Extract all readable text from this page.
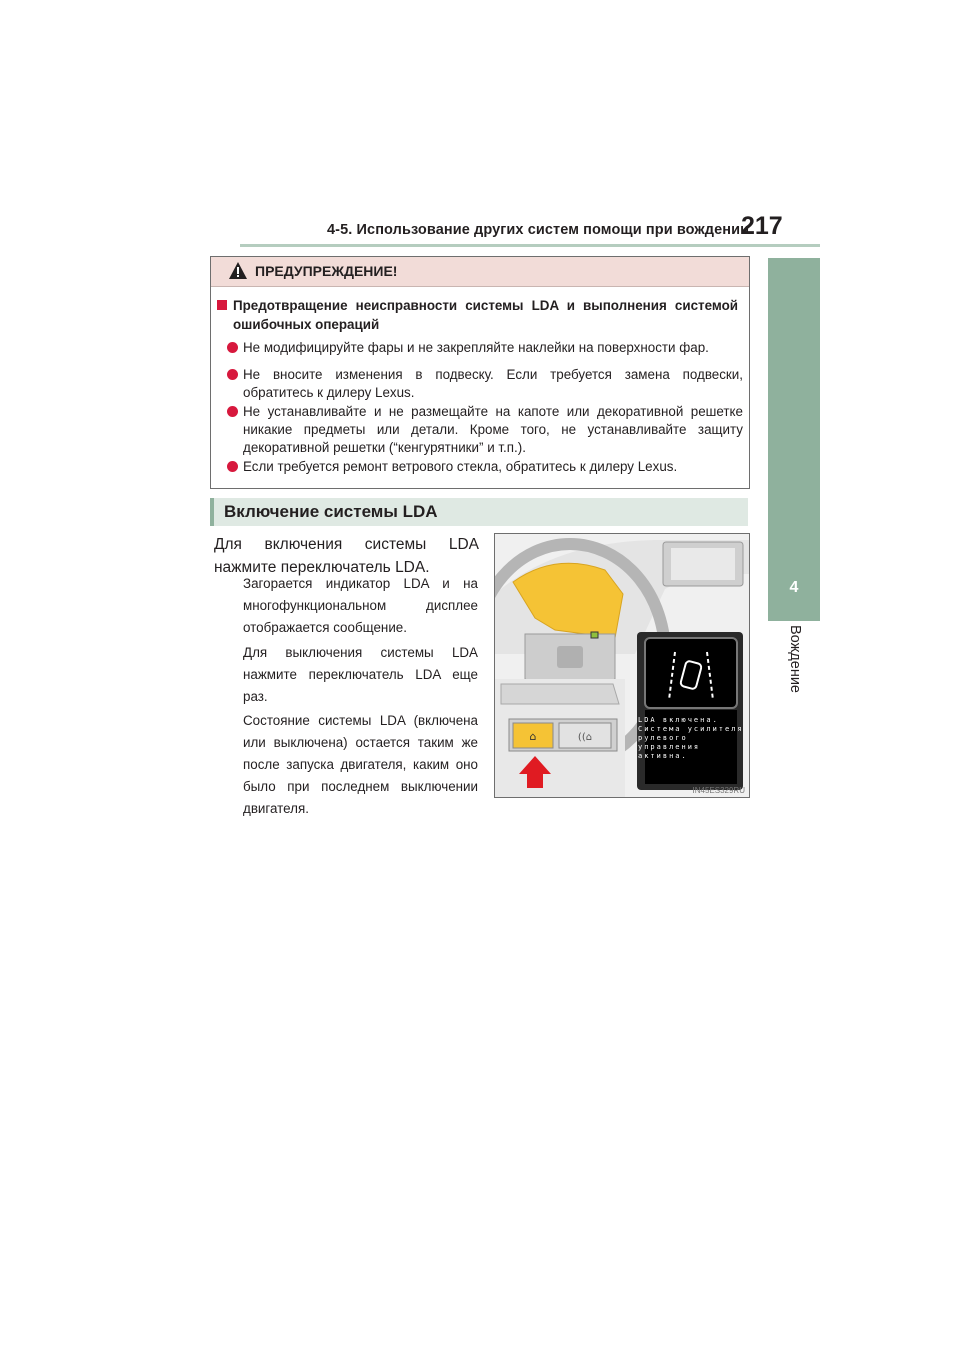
4-5. Использование других систем помощи при вождении
217
4
Вождение
ПРЕДУПРЕЖДЕНИЕ!
Предотвращение неисправности системы LDA и выполнения системой
ошибочных операций
Не модифицируйте фары и не закрепляйте наклейки на поверхности фар.
Не вносите изменения в подвеску. Если требуется замена подвески, обратитесь к дилеру Lexus.
Не устанавливайте и не размещайте на капоте или декоративной решетке никакие предметы или детали. Кроме того, не устанавливайте защиту декоративной решетки (“кенгурятники” и т.п.).
Если требуется ремонт ветрового стекла, обратитесь к дилеру Lexus.
Включение системы LDA
Для включения системы LDA нажмите переключатель LDA.
Загорается индикатор LDA и на многофункциональном дисплее отображается сообщение.
Для выключения системы LDA нажмите переключатель LDA еще раз.
Состояние системы LDA (включена или выключена) остается таким же после запуска двигателя, каким оно было при последнем выключении двигателя.
⌂	((⌂
LDA включена.
Система усилителя
рулевого
управления
активна.
IN45ES329RU
